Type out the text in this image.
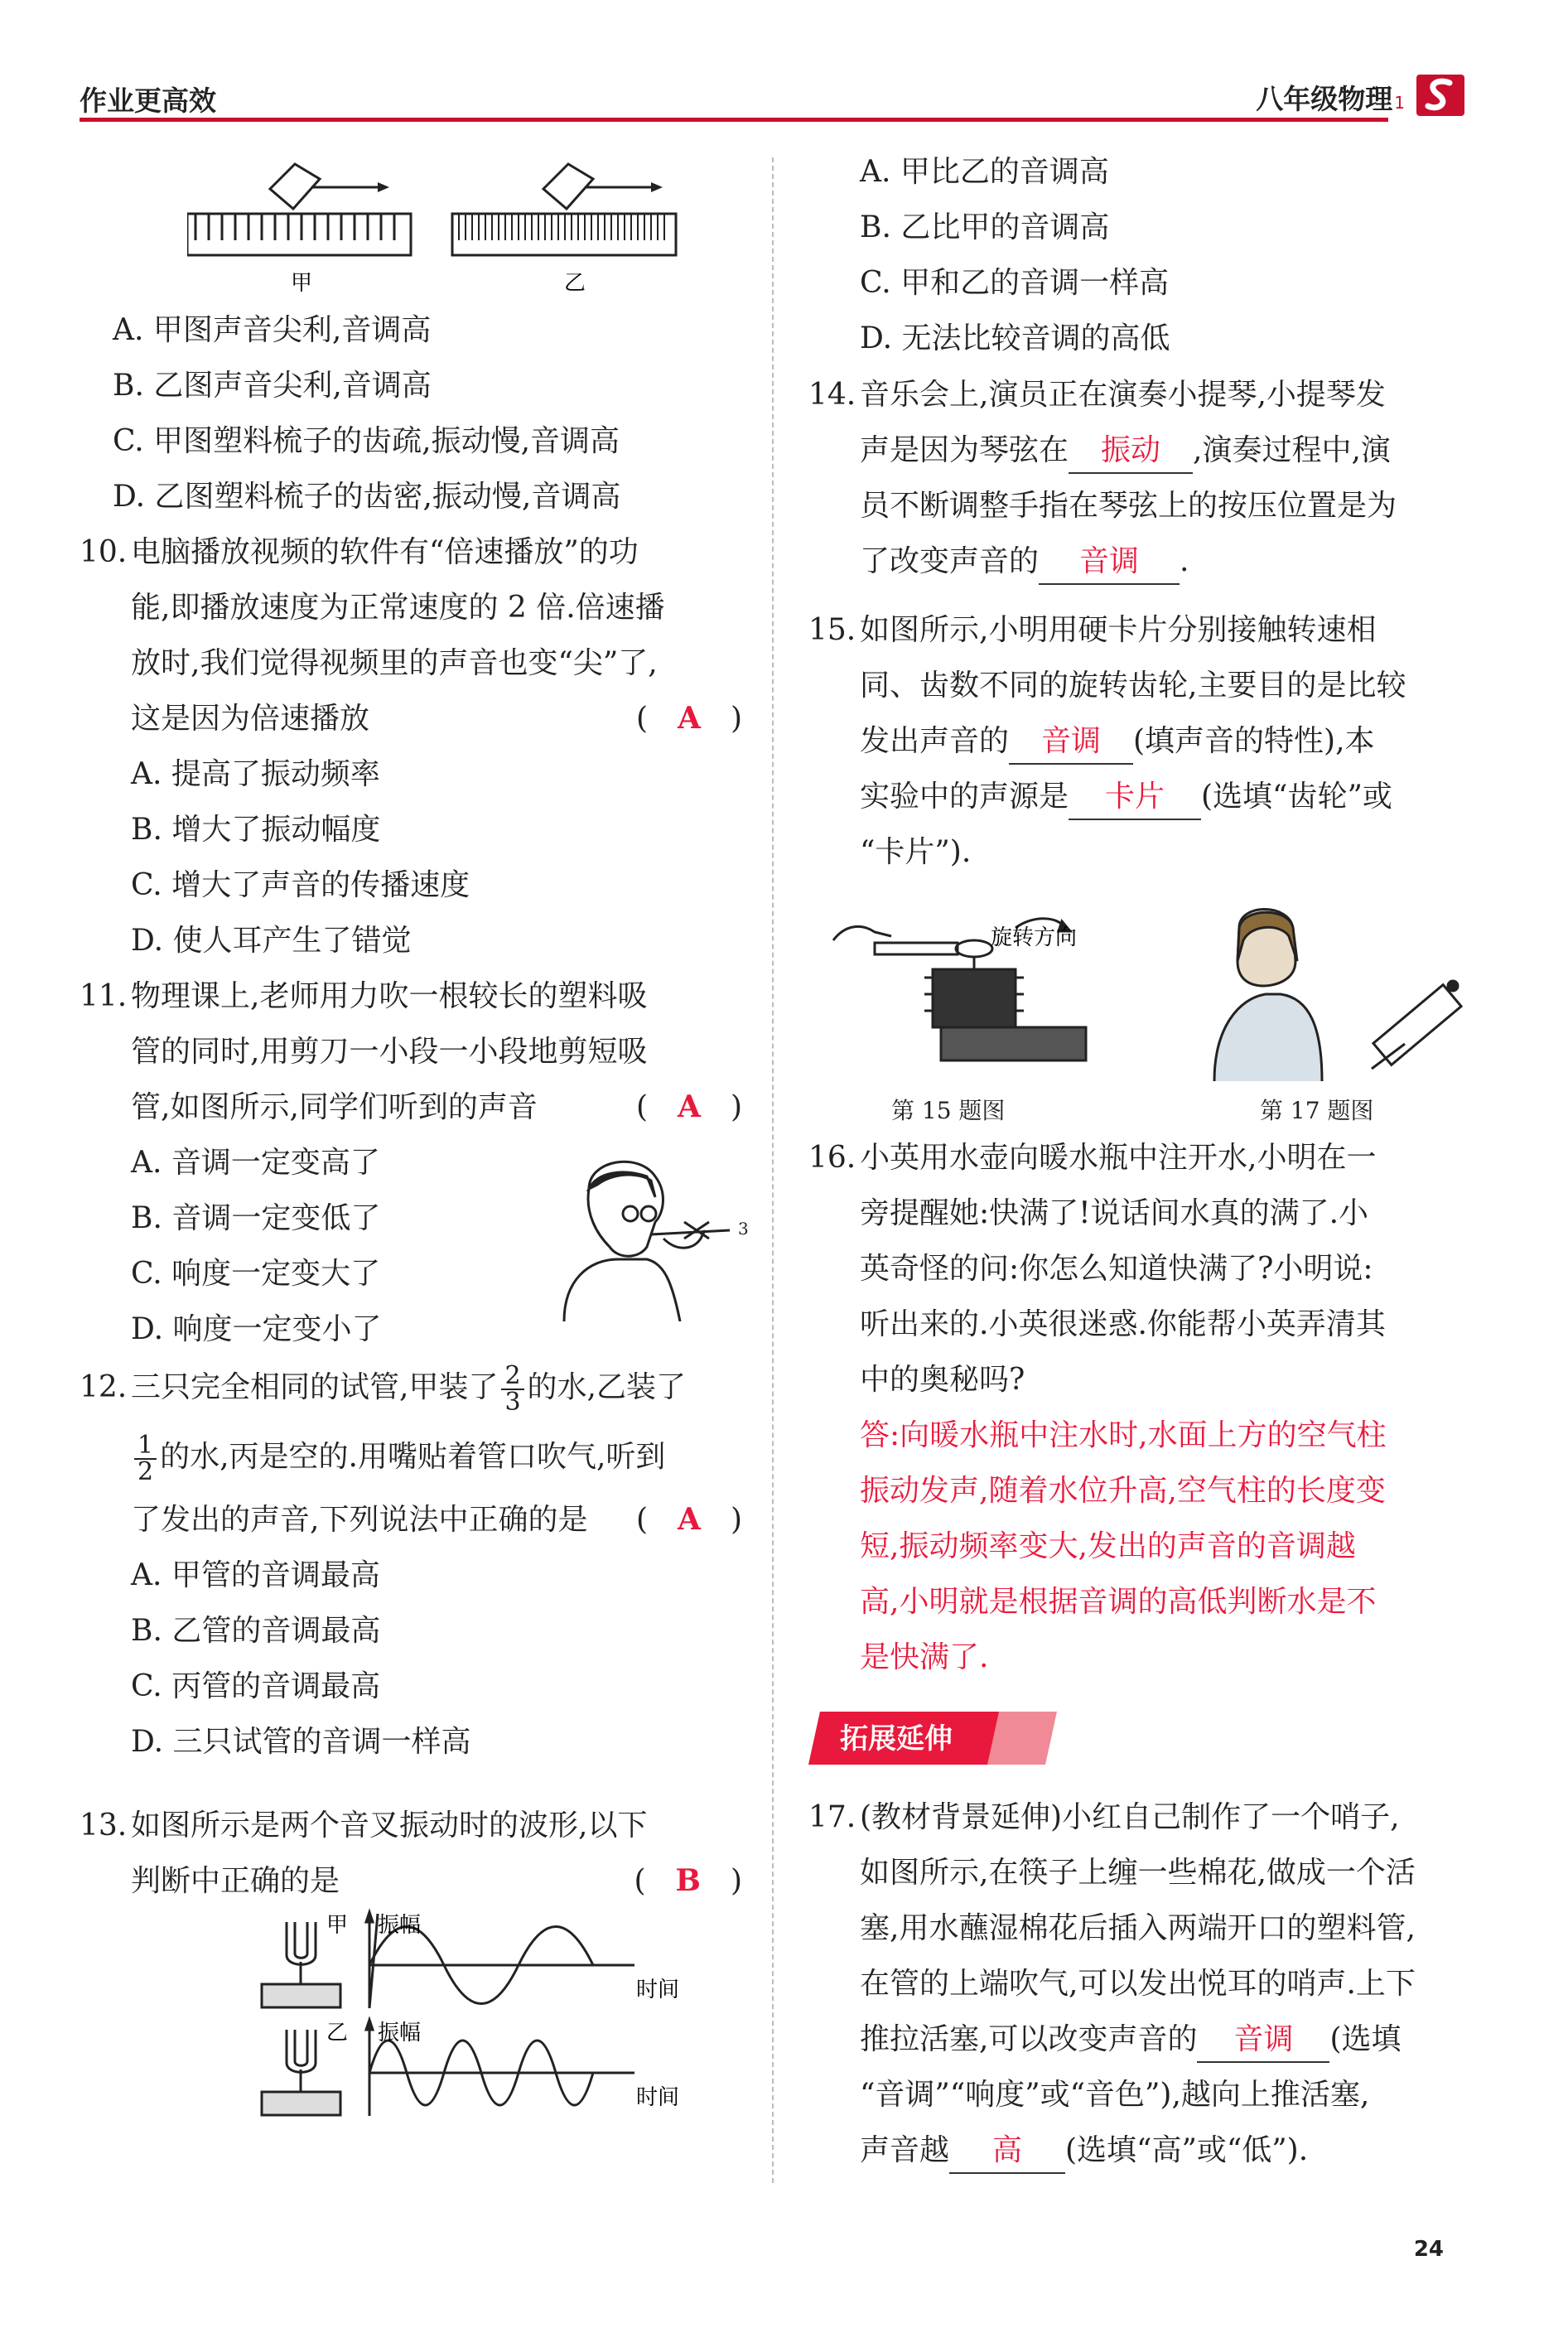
作业更高效	八年级物理 1
甲	乙
A. 甲图声音尖利,音调高
B. 乙图声音尖利,音调高
C. 甲图塑料梳子的齿疏,振动慢,音调高
D. 乙图塑料梳子的齿密,振动慢,音调高
10. 电脑播放视频的软件有“倍速播放”的功
能,即播放速度为正常速度的 2 倍.倍速播
放时,我们觉得视频里的声音也变“尖”了,
这是因为倍速播放	(　A　)
A. 提高了振动频率
B. 增大了振动幅度
C. 增大了声音的传播速度
D. 使人耳产生了错觉
11. 物理课上,老师用力吹一根较长的塑料吸
管的同时,用剪刀一小段一小段地剪短吸
管,如图所示,同学们听到的声音	(　A　)
A. 音调一定变高了
B. 音调一定变低了
C. 响度一定变大了
D. 响度一定变小了
3
12. 三只完全相同的试管,甲装了 $\frac{2}{3}$ 的水,乙装了
$\frac{1}{2}$ 的水,丙是空的.用嘴贴着管口吹气,听到
了发出的声音,下列说法中正确的是 (　A　)
A. 甲管的音调最高
B. 乙管的音调最高
C. 丙管的音调最高
D. 三只试管的音调一样高
13. 如图所示是两个音叉振动时的波形,以下
判断中正确的是	(　B　)
甲 振幅
时间
乙 振幅
时间
A. 甲比乙的音调高
B. 乙比甲的音调高
C. 甲和乙的音调一样高
D. 无法比较音调的高低
14. 音乐会上,演员正在演奏小提琴,小提琴发
声是因为琴弦在 振动 ,演奏过程中,演
员不断调整手指在琴弦上的按压位置是为
了改变声音的 音调 .
15. 如图所示,小明用硬卡片分别接触转速相
同、齿数不同的旋转齿轮,主要目的是比较
发出声音的 音调 (填声音的特性),本
实验中的声源是 卡片 (选填“齿轮”或
“卡片”).
旋转方向
第 15 题图	第 17 题图
16. 小英用水壶向暖水瓶中注开水,小明在一
旁提醒她:快满了!说话间水真的满了.小
英奇怪的问:你怎么知道快满了?小明说:
听出来的.小英很迷惑.你能帮小英弄清其
中的奥秘吗?
答:向暖水瓶中注水时,水面上方的空气柱
振动发声,随着水位升高,空气柱的长度变
短,振动频率变大,发出的声音的音调越
高,小明就是根据音调的高低判断水是不
是快满了.
拓展延伸
17. (教材背景延伸)小红自己制作了一个哨子,
如图所示,在筷子上缠一些棉花,做成一个活
塞,用水蘸湿棉花后插入两端开口的塑料管,
在管的上端吹气,可以发出悦耳的哨声.上下
推拉活塞,可以改变声音的 音调 (选填
“音调”“响度”或“音色”),越向上推活塞,
声音越 高 (选填“高”或“低”).
24
